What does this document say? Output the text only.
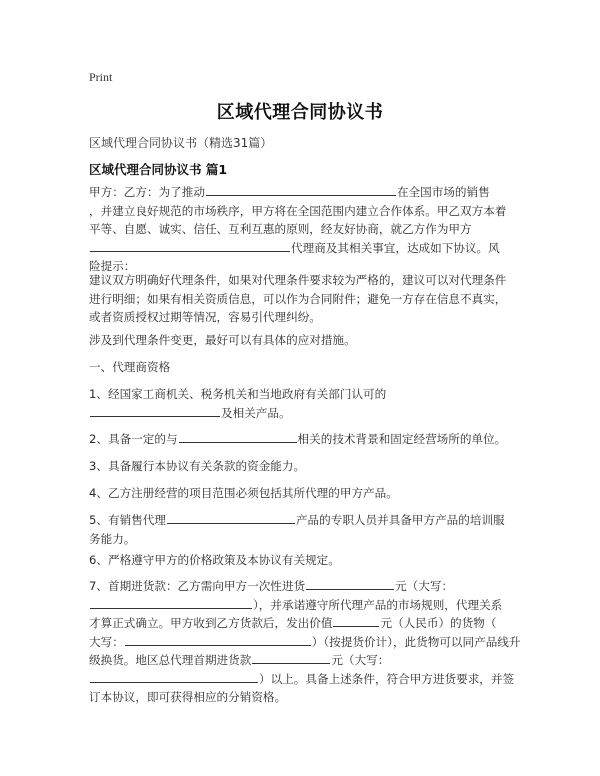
Print
区域代理合同协议书
区域代理合同协议书（精选31篇）
区域代理合同协议书 篇1
甲方：乙方：为了推动	在全国市场的销售
，并建立良好规范的市场秩序，甲方将在全国范围内建立合作体系。甲乙双方本着
平等、自愿、诚实、信任、互利互惠的原则，经友好协商，就乙方作为甲方
代理商及其相关事宜，达成如下协议。风
险提示：
建议双方明确好代理条件，如果对代理条件要求较为严格的，建议可以对代理条件
进行明细；如果有相关资质信息，可以作为合同附件；避免一方存在信息不真实，
或者资质授权过期等情况，容易引代理纠纷。
涉及到代理条件变更，最好可以有具体的应对措施。
一、代理商资格
1、经国家工商机关、税务机关和当地政府有关部门认可的
及相关产品。
2、具备一定的与	相关的技术背景和固定经营场所的单位。
3、具备履行本协议有关条款的资金能力。
4、乙方注册经营的项目范围必须包括其所代理的甲方产品。
5、有销售代理	产品的专职人员并具备甲方产品的培训服
务能力。
6、严格遵守甲方的价格政策及本协议有关规定。
7、首期进货款：乙方需向甲方一次性进货	元（大写：
），并承诺遵守所代理产品的市场规则，代理关系
才算正式确立。甲方收到乙方货款后，发出价值	元（人民币）的货物（
大写：	）（按提货价计），此货物可以同产品线升
级换货。地区总代理首期进货款	元（大写：
）以上。具备上述条件，符合甲方进货要求，并签
订本协议，即可获得相应的分销资格。
